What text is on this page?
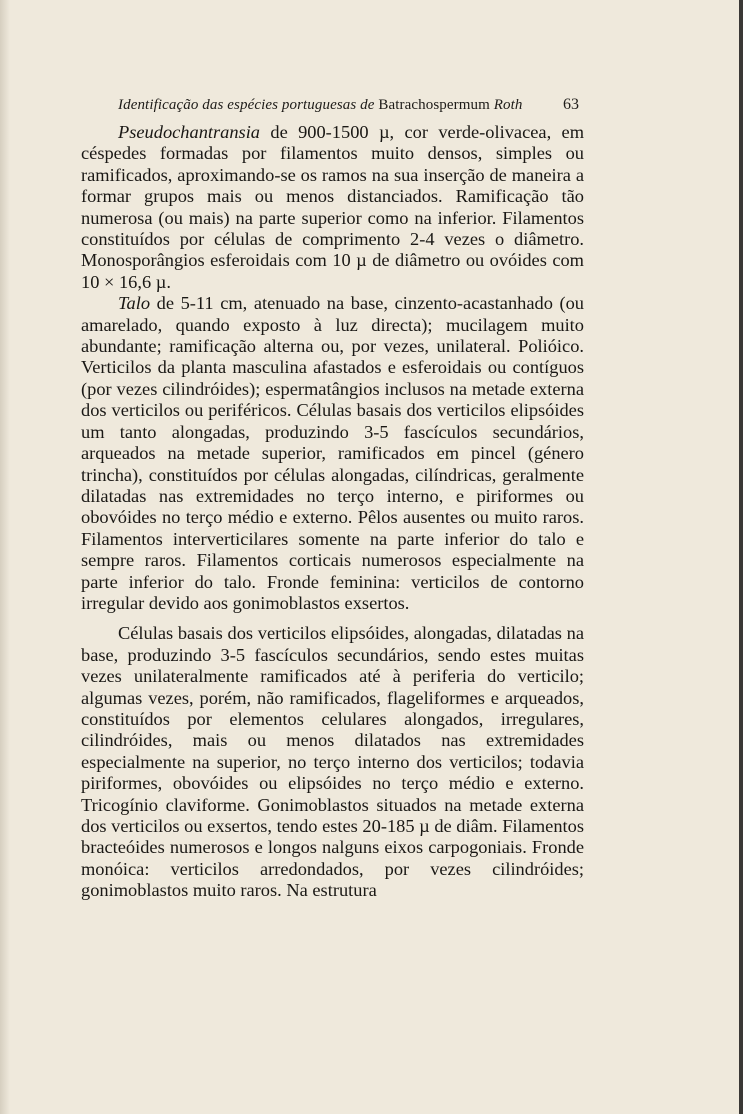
Identificação das espécies portuguesas de Batrachospermum Roth	63

Pseudochantransia de 900-1500 µ, cor verde-olivacea, em céspedes formadas por filamentos muito densos, simples ou ramificados, aproximando-se os ramos na sua inserção de maneira a formar grupos mais ou menos distanciados. Ramificação tão numerosa (ou mais) na parte superior como na inferior. Filamentos constituídos por células de comprimento 2-4 vezes o diâmetro. Monosporângios esferoidais com 10 µ de diâmetro ou ovóides com 10 × 16,6 µ.

Talo de 5-11 cm, atenuado na base, cinzento-acastanhado (ou amarelado, quando exposto à luz directa); mucilagem muito abundante; ramificação alterna ou, por vezes, unilateral. Polióico. Verticilos da planta masculina afastados e esferoidais ou contíguos (por vezes cilindróides); espermatângios inclusos na metade externa dos verticilos ou periféricos. Células basais dos verticilos elipsóides um tanto alongadas, produzindo 3-5 fascículos secundários, arqueados na metade superior, ramificados em pincel (género trincha), constituídos por células alongadas, cilíndricas, geralmente dilatadas nas extremidades no terço interno, e piriformes ou obovóides no terço médio e externo. Pêlos ausentes ou muito raros. Filamentos interverticilares somente na parte inferior do talo e sempre raros. Filamentos corticais numerosos especialmente na parte inferior do talo. Fronde feminina: verticilos de contorno irregular devido aos gonimoblastos exsertos.

Células basais dos verticilos elipsóides, alongadas, dilatadas na base, produzindo 3-5 fascículos secundários, sendo estes muitas vezes unilateralmente ramificados até à periferia do verticilo; algumas vezes, porém, não ramificados, flageliformes e arqueados, constituídos por elementos celulares alongados, irregulares, cilindróides, mais ou menos dilatados nas extremidades especialmente na superior, no terço interno dos verticilos; todavia piriformes, obovóides ou elipsóides no terço médio e externo. Tricogínio claviforme. Gonimoblastos situados na metade externa dos verticilos ou exsertos, tendo estes 20-185 µ de diâm. Filamentos bracteóides numerosos e longos nalguns eixos carpogoniais. Fronde monóica: verticilos arredondados, por vezes cilindróides; gonimoblastos muito raros. Na estrutura
